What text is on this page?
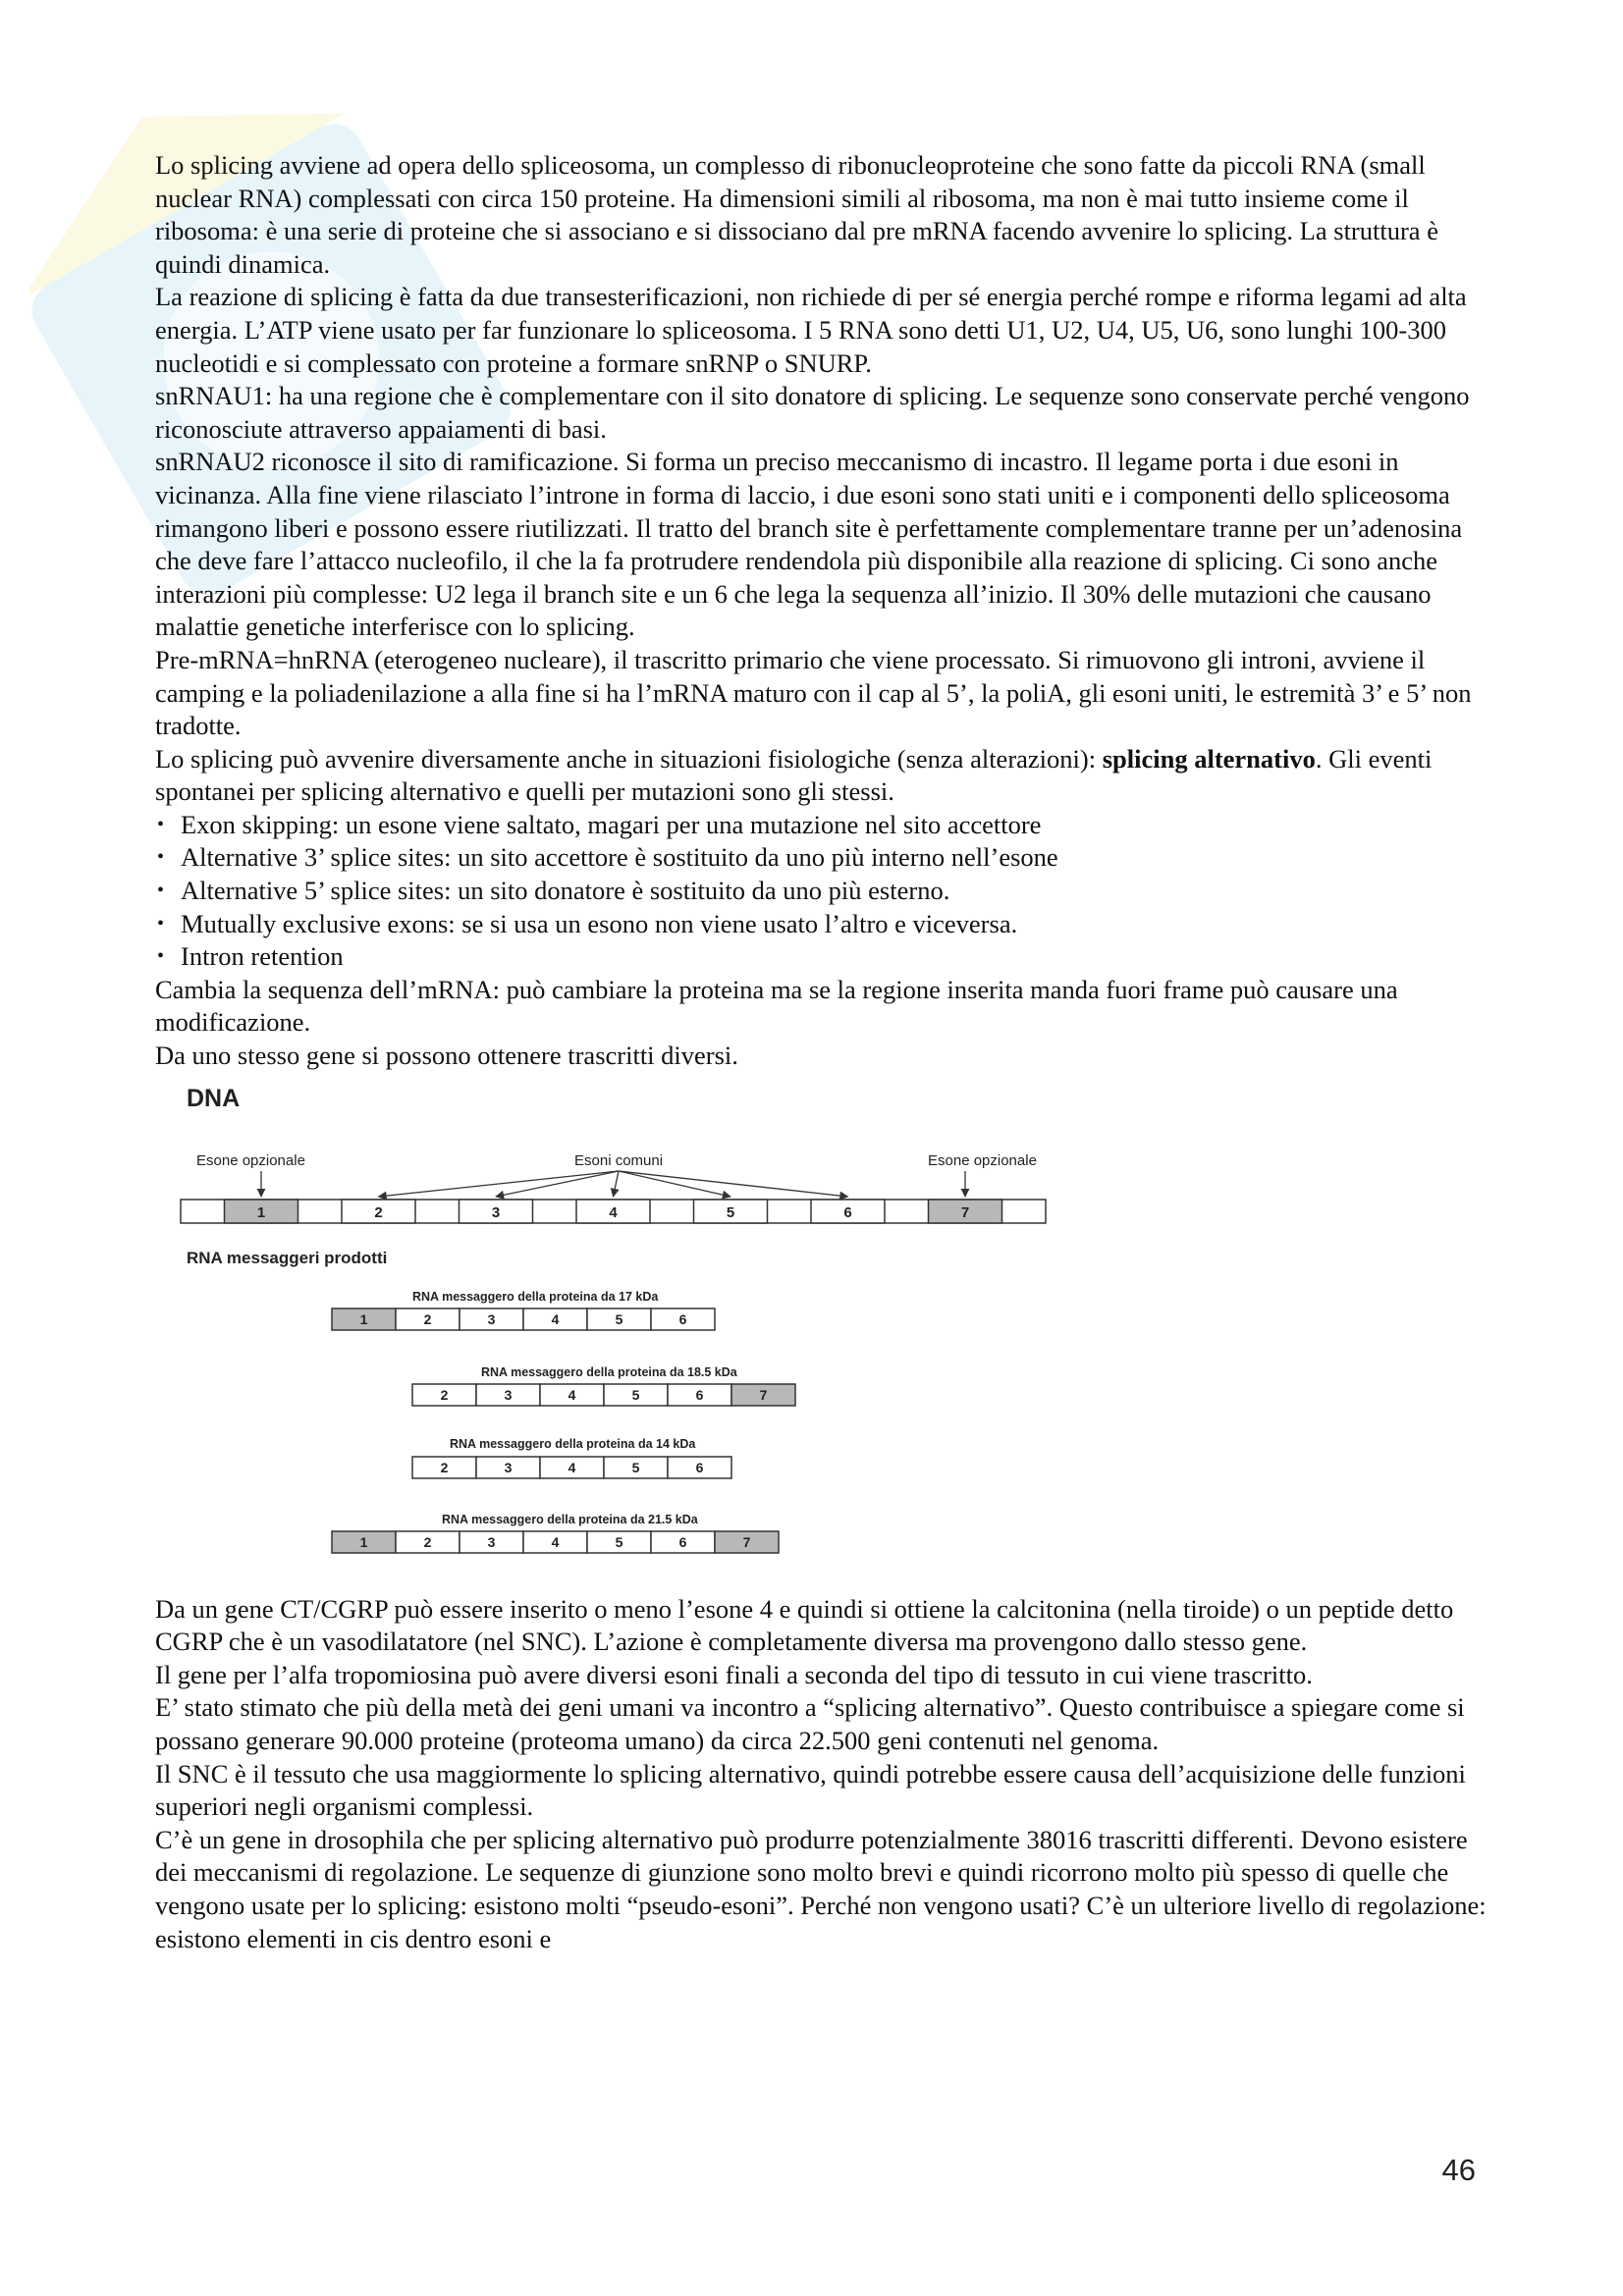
Lo splicing avviene ad opera dello spliceosoma, un complesso di ribonucleoproteine che sono fatte da piccoli RNA (small nuclear RNA) complessati con circa 150 proteine. Ha dimensioni simili al ribosoma, ma non è mai tutto insieme come il ribosoma: è una serie di proteine che si associano e si dissociano dal pre mRNA facendo avvenire lo splicing. La struttura è quindi dinamica.

La reazione di splicing è fatta da due transesterificazioni, non richiede di per sé energia perché rompe e riforma legami ad alta energia. L’ATP viene usato per far funzionare lo spliceosoma. I 5 RNA sono detti U1, U2, U4, U5, U6, sono lunghi 100-300 nucleotidi e si complessato con proteine a formare snRNP o SNURP.

snRNAU1: ha una regione che è complementare con il sito donatore di splicing. Le sequenze sono conservate perché vengono riconosciute attraverso appaiamenti di basi.

snRNAU2 riconosce il sito di ramificazione. Si forma un preciso meccanismo di incastro. Il legame porta i due esoni in vicinanza. Alla fine viene rilasciato l’introne in forma di laccio, i due esoni sono stati uniti e i componenti dello spliceosoma rimangono liberi e possono essere riutilizzati. Il tratto del branch site è perfettamente complementare tranne per un’adenosina che deve fare l’attacco nucleofilo, il che la fa protrudere rendendola più disponibile alla reazione di splicing. Ci sono anche interazioni più complesse: U2 lega il branch site e un 6 che lega la sequenza all’inizio. Il 30% delle mutazioni che causano malattie genetiche interferisce con lo splicing.

Pre-mRNA=hnRNA (eterogeneo nucleare), il trascritto primario che viene processato. Si rimuovono gli introni, avviene il camping e la poliadenilazione a alla fine si ha l’mRNA maturo con il cap al 5’, la poliA, gli esoni uniti, le estremità 3’ e 5’ non tradotte.

Lo splicing può avvenire diversamente anche in situazioni fisiologiche (senza alterazioni): splicing alternativo. Gli eventi spontanei per splicing alternativo e quelli per mutazioni sono gli stessi.

• Exon skipping: un esone viene saltato, magari per una mutazione nel sito accettore
• Alternative 3’ splice sites: un sito accettore è sostituito da uno più interno nell’esone
• Alternative 5’ splice sites: un sito donatore è sostituito da uno più esterno.
• Mutually exclusive exons: se si usa un esono non viene usato l’altro e viceversa.
• Intron retention

Cambia la sequenza dell’mRNA: può cambiare la proteina ma se la regione inserita manda fuori frame può causare una modificazione.

Da uno stesso gene si possono ottenere trascritti diversi.

DNA
Esone opzionale	Esoni comuni	Esone opzionale
1	2	3	4	5	6	7
RNA messaggeri prodotti
RNA messaggero della proteina da 17 kDa
1	2	3	4	5	6
RNA messaggero della proteina da 18.5 kDa
2	3	4	5	6	7
RNA messaggero della proteina da 14 kDa
2	3	4	5	6
RNA messaggero della proteina da 21.5 kDa
1	2	3	4	5	6	7

Da un gene CT/CGRP può essere inserito o meno l’esone 4 e quindi si ottiene la calcitonina (nella tiroide) o un peptide detto CGRP che è un vasodilatatore (nel SNC). L’azione è completamente diversa ma provengono dallo stesso gene.

Il gene per l’alfa tropomiosina può avere diversi esoni finali a seconda del tipo di tessuto in cui viene trascritto.

E’ stato stimato che più della metà dei geni umani va incontro a “splicing alternativo”. Questo contribuisce a spiegare come si possano generare 90.000 proteine (proteoma umano) da circa 22.500 geni contenuti nel genoma.

Il SNC è il tessuto che usa maggiormente lo splicing alternativo, quindi potrebbe essere causa dell’acquisizione delle funzioni superiori negli organismi complessi.

C’è un gene in drosophila che per splicing alternativo può produrre potenzialmente 38016 trascritti differenti. Devono esistere dei meccanismi di regolazione. Le sequenze di giunzione sono molto brevi e quindi ricorrono molto più spesso di quelle che vengono usate per lo splicing: esistono molti “pseudo-esoni”. Perché non vengono usati? C’è un ulteriore livello di regolazione: esistono elementi in cis dentro esoni e

46
